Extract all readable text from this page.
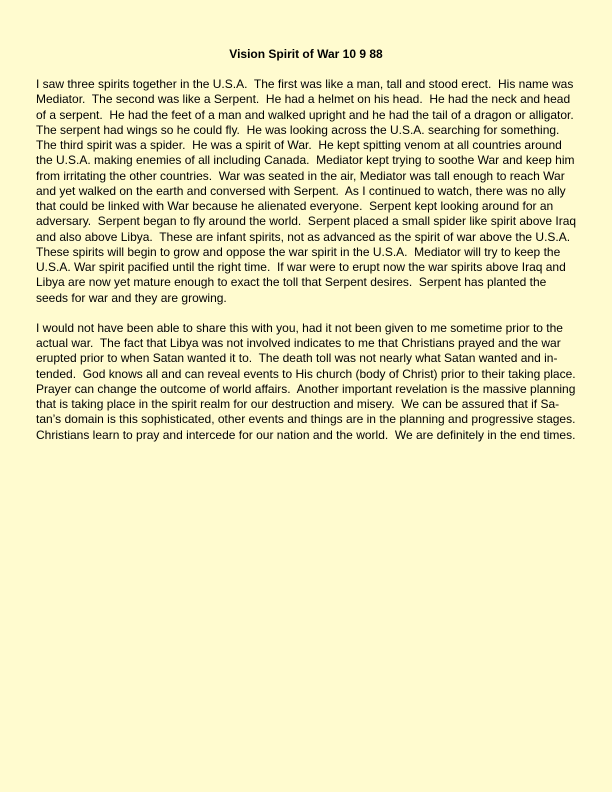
Vision Spirit of War 10 9 88
I saw three spirits together in the U.S.A.  The first was like a man, tall and stood erect.  His name was
Mediator.  The second was like a Serpent.  He had a helmet on his head.  He had the neck and head
of a serpent.  He had the feet of a man and walked upright and he had the tail of a dragon or alligator.
The serpent had wings so he could fly.  He was looking across the U.S.A. searching for something.
The third spirit was a spider.  He was a spirit of War.  He kept spitting venom at all countries around
the U.S.A. making enemies of all including Canada.  Mediator kept trying to soothe War and keep him
from irritating the other countries.  War was seated in the air, Mediator was tall enough to reach War
and yet walked on the earth and conversed with Serpent.  As I continued to watch, there was no ally
that could be linked with War because he alienated everyone.  Serpent kept looking around for an
adversary.  Serpent began to fly around the world.  Serpent placed a small spider like spirit above Iraq
and also above Libya.  These are infant spirits, not as advanced as the spirit of war above the U.S.A.
These spirits will begin to grow and oppose the war spirit in the U.S.A.  Mediator will try to keep the
U.S.A. War spirit pacified until the right time.  If war were to erupt now the war spirits above Iraq and
Libya are now yet mature enough to exact the toll that Serpent desires.  Serpent has planted the
seeds for war and they are growing.
I would not have been able to share this with you, had it not been given to me sometime prior to the
actual war.  The fact that Libya was not involved indicates to me that Christians prayed and the war
erupted prior to when Satan wanted it to.  The death toll was not nearly what Satan wanted and in-
tended.  God knows all and can reveal events to His church (body of Christ) prior to their taking place.
Prayer can change the outcome of world affairs.  Another important revelation is the massive planning
that is taking place in the spirit realm for our destruction and misery.  We can be assured that if Sa-
tan’s domain is this sophisticated, other events and things are in the planning and progressive stages.
Christians learn to pray and intercede for our nation and the world.  We are definitely in the end times.
